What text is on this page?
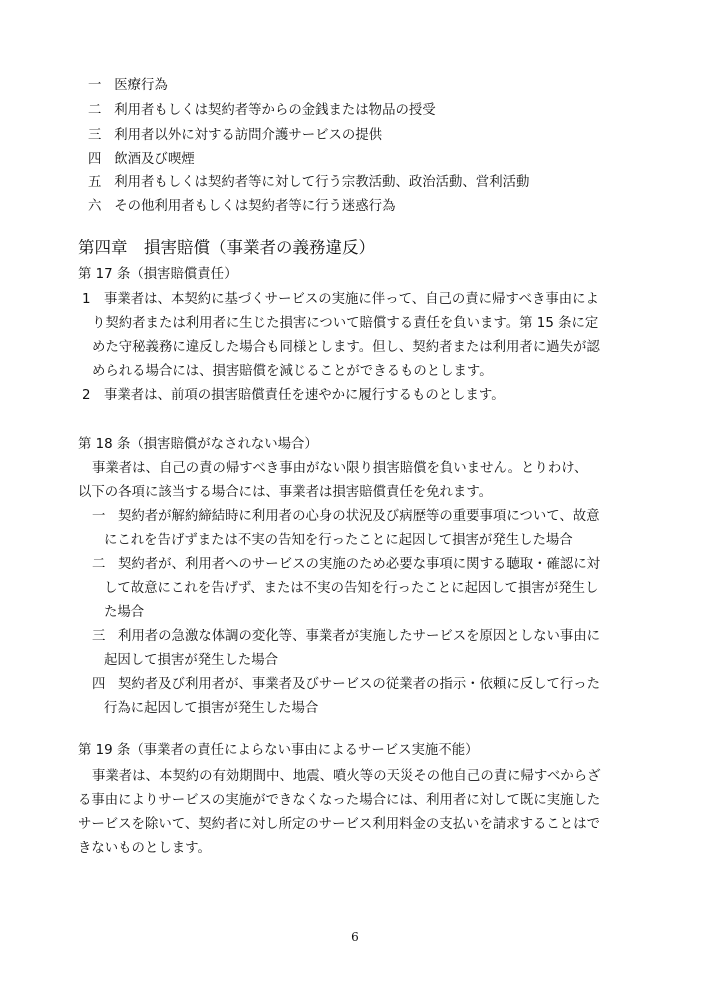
一 医療行為
二 利用者もしくは契約者等からの金銭または物品の授受
三 利用者以外に対する訪問介護サービスの提供
四 飲酒及び喫煙
五 利用者もしくは契約者等に対して行う宗教活動、政治活動、営利活動
六 その他利用者もしくは契約者等に行う迷惑行為
第四章　損害賠償（事業者の義務違反）
第 17 条（損害賠償責任）
1 事業者は、本契約に基づくサービスの実施に伴って、自己の責に帰すべき事由によ
り契約者または利用者に生じた損害について賠償する責任を負います。第 15 条に定
めた守秘義務に違反した場合も同様とします。但し、契約者または利用者に過失が認
められる場合には、損害賠償を減じることができるものとします。
2 事業者は、前項の損害賠償責任を速やかに履行するものとします。
第 18 条（損害賠償がなされない場合）
事業者は、自己の責の帰すべき事由がない限り損害賠償を負いません。とりわけ、
以下の各項に該当する場合には、事業者は損害賠償責任を免れます。
一 契約者が解約締結時に利用者の心身の状況及び病歴等の重要事項について、故意
にこれを告げずまたは不実の告知を行ったことに起因して損害が発生した場合
二 契約者が、利用者へのサービスの実施のため必要な事項に関する聴取・確認に対
して故意にこれを告げず、または不実の告知を行ったことに起因して損害が発生し
た場合
三 利用者の急激な体調の変化等、事業者が実施したサービスを原因としない事由に
起因して損害が発生した場合
四 契約者及び利用者が、事業者及びサービスの従業者の指示・依頼に反して行った
行為に起因して損害が発生した場合
第 19 条（事業者の責任によらない事由によるサービス実施不能）
事業者は、本契約の有効期間中、地震、噴火等の天災その他自己の責に帰すべからざ
る事由によりサービスの実施ができなくなった場合には、利用者に対して既に実施した
サービスを除いて、契約者に対し所定のサービス利用料金の支払いを請求することはで
きないものとします。
6
